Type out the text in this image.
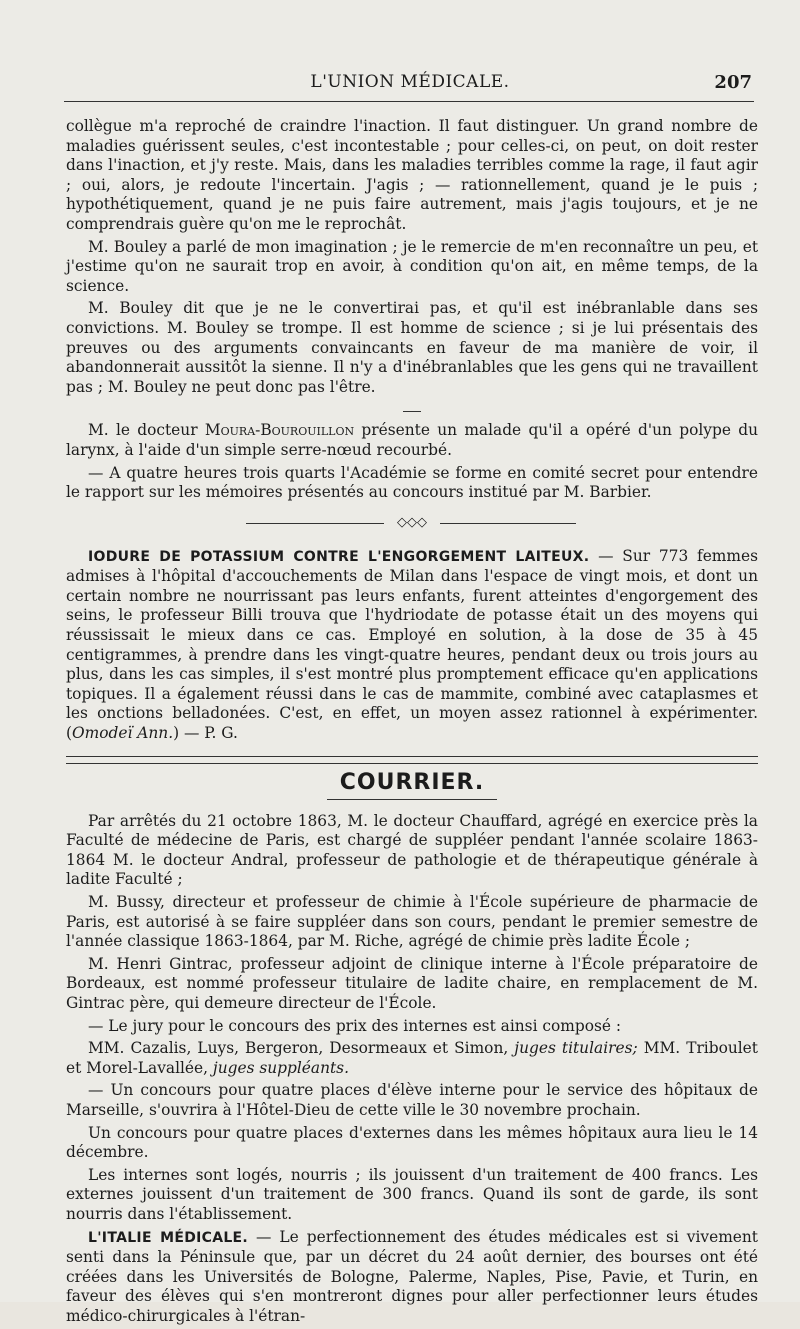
L'UNION MÉDICALE.	207

collègue m'a reproché de craindre l'inaction. Il faut distinguer. Un grand nombre de maladies guérissent seules, c'est incontestable ; pour celles-ci, on peut, on doit rester dans l'inaction, et j'y reste. Mais, dans les maladies terribles comme la rage, il faut agir ; oui, alors, je redoute l'incertain. J'agis ; — rationnellement, quand je le puis ; hypothétiquement, quand je ne puis faire autrement, mais j'agis toujours, et je ne comprendrais guère qu'on me le reprochât.

M. Bouley a parlé de mon imagination ; je le remercie de m'en reconnaître un peu, et j'estime qu'on ne saurait trop en avoir, à condition qu'on ait, en même temps, de la science.

M. Bouley dit que je ne le convertirai pas, et qu'il est inébranlable dans ses convictions. M. Bouley se trompe. Il est homme de science ; si je lui présentais des preuves ou des arguments convaincants en faveur de ma manière de voir, il abandonnerait aussitôt la sienne. Il n'y a d'inébranlables que les gens qui ne travaillent pas ; M. Bouley ne peut donc pas l'être.

M. le docteur Moura-Bourouillon présente un malade qu'il a opéré d'un polype du larynx, à l'aide d'un simple serre-nœud recourbé.

— A quatre heures trois quarts l'Académie se forme en comité secret pour entendre le rapport sur les mémoires présentés au concours institué par M. Barbier.

◇◇◇

IODURE DE POTASSIUM CONTRE L'ENGORGEMENT LAITEUX. — Sur 773 femmes admises à l'hôpital d'accouchements de Milan dans l'espace de vingt mois, et dont un certain nombre ne nourrissant pas leurs enfants, furent atteintes d'engorgement des seins, le professeur Billi trouva que l'hydriodate de potasse était un des moyens qui réussissait le mieux dans ce cas. Employé en solution, à la dose de 35 à 45 centigrammes, à prendre dans les vingt-quatre heures, pendant deux ou trois jours au plus, dans les cas simples, il s'est montré plus promptement efficace qu'en applications topiques. Il a également réussi dans le cas de mammite, combiné avec cataplasmes et les onctions belladonées. C'est, en effet, un moyen assez rationnel à expérimenter. (Omodeï Ann.) — P. G.

COURRIER.

Par arrêtés du 21 octobre 1863, M. le docteur Chauffard, agrégé en exercice près la Faculté de médecine de Paris, est chargé de suppléer pendant l'année scolaire 1863-1864 M. le docteur Andral, professeur de pathologie et de thérapeutique générale à ladite Faculté ;

M. Bussy, directeur et professeur de chimie à l'École supérieure de pharmacie de Paris, est autorisé à se faire suppléer dans son cours, pendant le premier semestre de l'année classique 1863-1864, par M. Riche, agrégé de chimie près ladite École ;

M. Henri Gintrac, professeur adjoint de clinique interne à l'École préparatoire de Bordeaux, est nommé professeur titulaire de ladite chaire, en remplacement de M. Gintrac père, qui demeure directeur de l'École.

— Le jury pour le concours des prix des internes est ainsi composé :

MM. Cazalis, Luys, Bergeron, Desormeaux et Simon, juges titulaires; MM. Triboulet et Morel-Lavallée, juges suppléants.

— Un concours pour quatre places d'élève interne pour le service des hôpitaux de Marseille, s'ouvrira à l'Hôtel-Dieu de cette ville le 30 novembre prochain.

Un concours pour quatre places d'externes dans les mêmes hôpitaux aura lieu le 14 décembre.

Les internes sont logés, nourris ; ils jouissent d'un traitement de 400 francs. Les externes jouissent d'un traitement de 300 francs. Quand ils sont de garde, ils sont nourris dans l'établissement.

L'ITALIE MÉDICALE. — Le perfectionnement des études médicales est si vivement senti dans la Péninsule que, par un décret du 24 août dernier, des bourses ont été créées dans les Universités de Bologne, Palerme, Naples, Pise, Pavie, et Turin, en faveur des élèves qui s'en montreront dignes pour aller perfectionner leurs études médico-chirurgicales à l'étran-
